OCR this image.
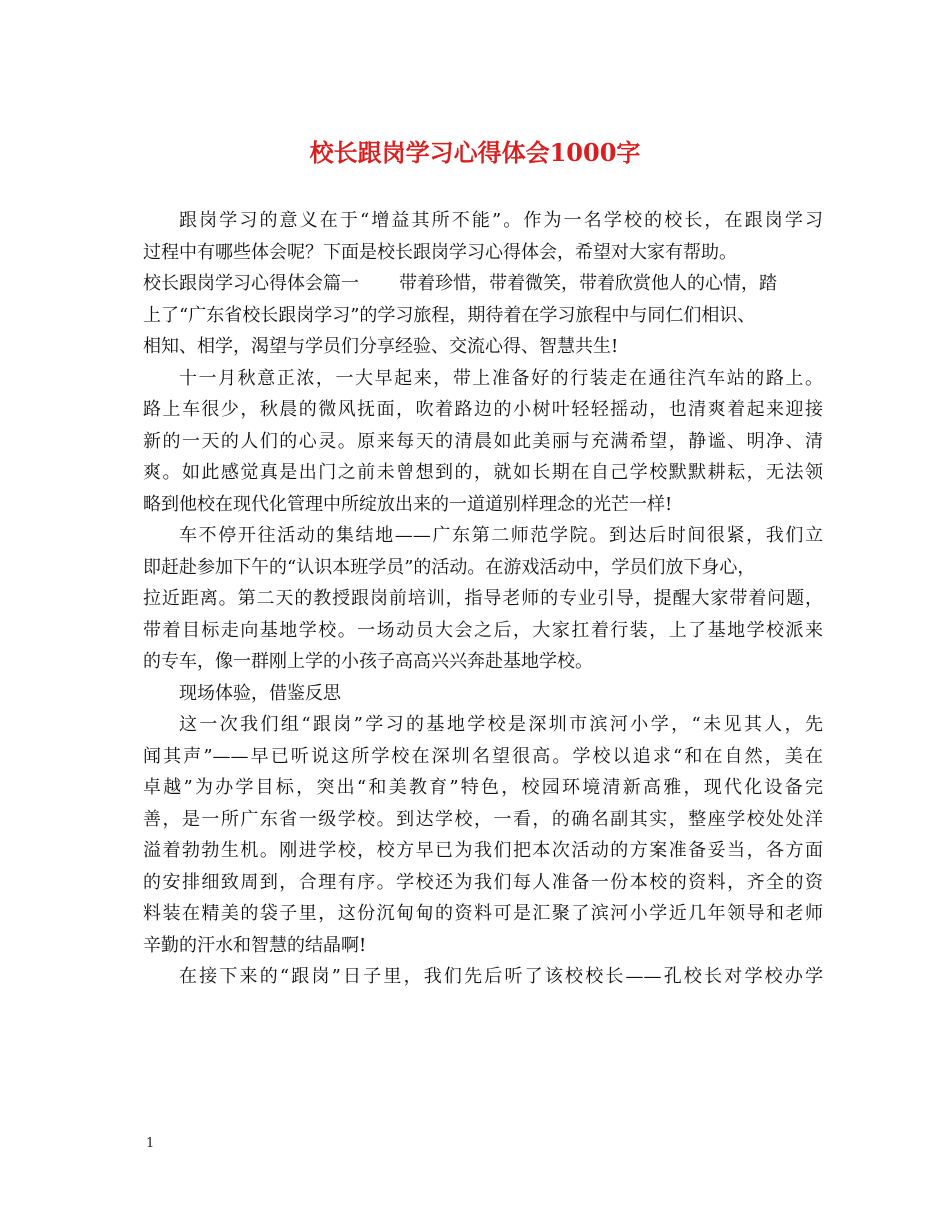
校长跟岗学习心得体会1000字

跟岗学习的意义在于“增益其所不能”。作为一名学校的校长，在跟岗学习
过程中有哪些体会呢？下面是校长跟岗学习心得体会，希望对大家有帮助。

校长跟岗学习心得体会篇一 带着珍惜，带着微笑，带着欣赏他人的心情，踏
上了“广东省校长跟岗学习”的学习旅程，期待着在学习旅程中与同仁们相识、
相知、相学，渴望与学员们分享经验、交流心得、智慧共生!

十一月秋意正浓，一大早起来，带上准备好的行装走在通往汽车站的路上。
路上车很少，秋晨的微风抚面，吹着路边的小树叶轻轻摇动，也清爽着起来迎接
新的一天的人们的心灵。原来每天的清晨如此美丽与充满希望，静谧、明净、清
爽。如此感觉真是出门之前未曾想到的，就如长期在自己学校默默耕耘，无法领
略到他校在现代化管理中所绽放出来的一道道别样理念的光芒一样!

车不停开往活动的集结地——广东第二师范学院。到达后时间很紧，我们立
即赶赴参加下午的“认识本班学员”的活动。在游戏活动中，学员们放下身心，
拉近距离。第二天的教授跟岗前培训，指导老师的专业引导，提醒大家带着问题，
带着目标走向基地学校。一场动员大会之后，大家扛着行装，上了基地学校派来
的专车，像一群刚上学的小孩子高高兴兴奔赴基地学校。

现场体验，借鉴反思

这一次我们组“跟岗”学习的基地学校是深圳市滨河小学，“未见其人，先
闻其声”——早已听说这所学校在深圳名望很高。学校以追求“和在自然，美在
卓越”为办学目标，突出“和美教育”特色，校园环境清新高雅，现代化设备完
善，是一所广东省一级学校。到达学校，一看，的确名副其实，整座学校处处洋
溢着勃勃生机。刚进学校，校方早已为我们把本次活动的方案准备妥当，各方面
的安排细致周到，合理有序。学校还为我们每人准备一份本校的资料，齐全的资
料装在精美的袋子里，这份沉甸甸的资料可是汇聚了滨河小学近几年领导和老师
辛勤的汗水和智慧的结晶啊!

在接下来的“跟岗”日子里，我们先后听了该校校长——孔校长对学校办学

1
